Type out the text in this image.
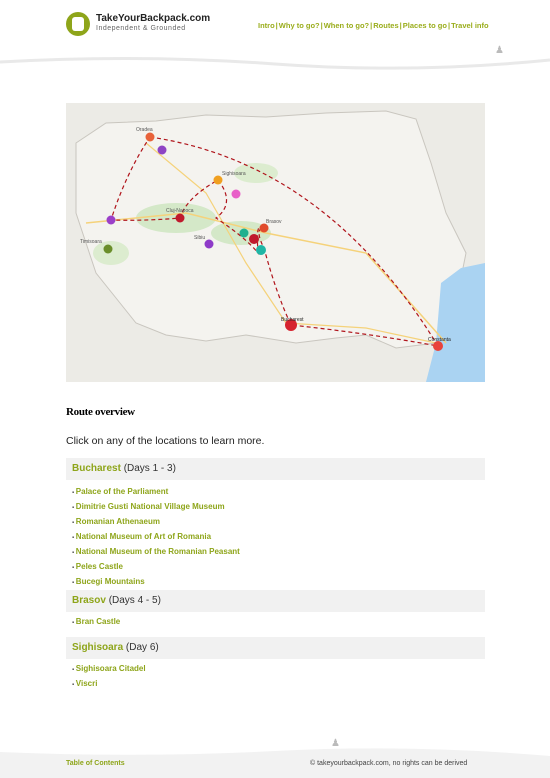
TakeYourBackpack.com
Independent & Grounded	Intro | Why to go? | When to go? | Routes | Places to go | Travel info
♟
Oradea
Cluj-Napoca
Sighisoara
Brasov
Bucharest
Constanta
Sibiu
Timisoara
Route overview
Click on any of the locations to learn more.
Bucharest (Days 1 - 3)
▪ Palace of the Parliament
▪ Dimitrie Gusti National Village Museum
▪ Romanian Athenaeum
▪ National Museum of Art of Romania
▪ National Museum of the Romanian Peasant
▪ Peles Castle
▪ Bucegi Mountains
Brasov (Days 4 - 5)
▪ Bran Castle
Sighisoara (Day 6)
▪ Sighisoara Citadel
▪ Viscri
♟
Table of Contents	© takeyourbackpack.com, no rights can be derived
